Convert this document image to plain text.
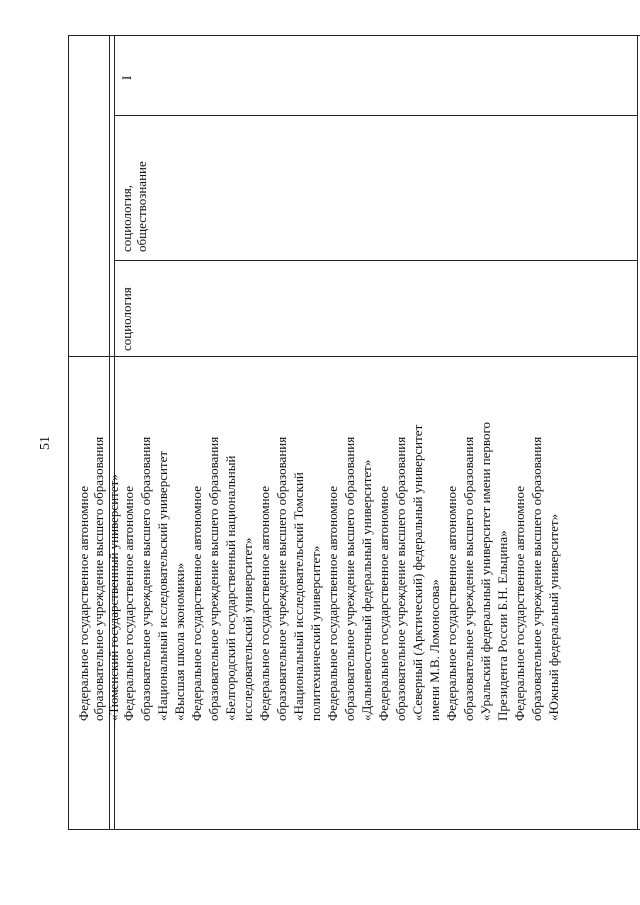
51
Федеральное государственное автономное образовательное учреждение высшего образования «Тюменский государственный университет» Федеральное государственное автономное образовательное учреждение высшего образования «Национальный исследовательский университет «Высшая школа экономики» Федеральное государственное автономное образовательное учреждение высшего образования «Белгородский государственный национальный исследовательский университет» Федеральное государственное автономное образовательное учреждение высшего образования «Национальный исследовательский Томский политехнический университет» Федеральное государственное автономное образовательное учреждение высшего образования «Дальневосточный федеральный университет» Федеральное государственное автономное образовательное учреждение высшего образования «Северный (Арктический) федеральный университет имени М.В. Ломоносова» Федеральное государственное автономное образовательное учреждение высшего образования «Уральский федеральный университет имени первого Президента России Б.Н. Ельцина» Федеральное государственное автономное образовательное учреждение высшего образования «Южный федеральный университет»
социология
социология, обществознание
I
